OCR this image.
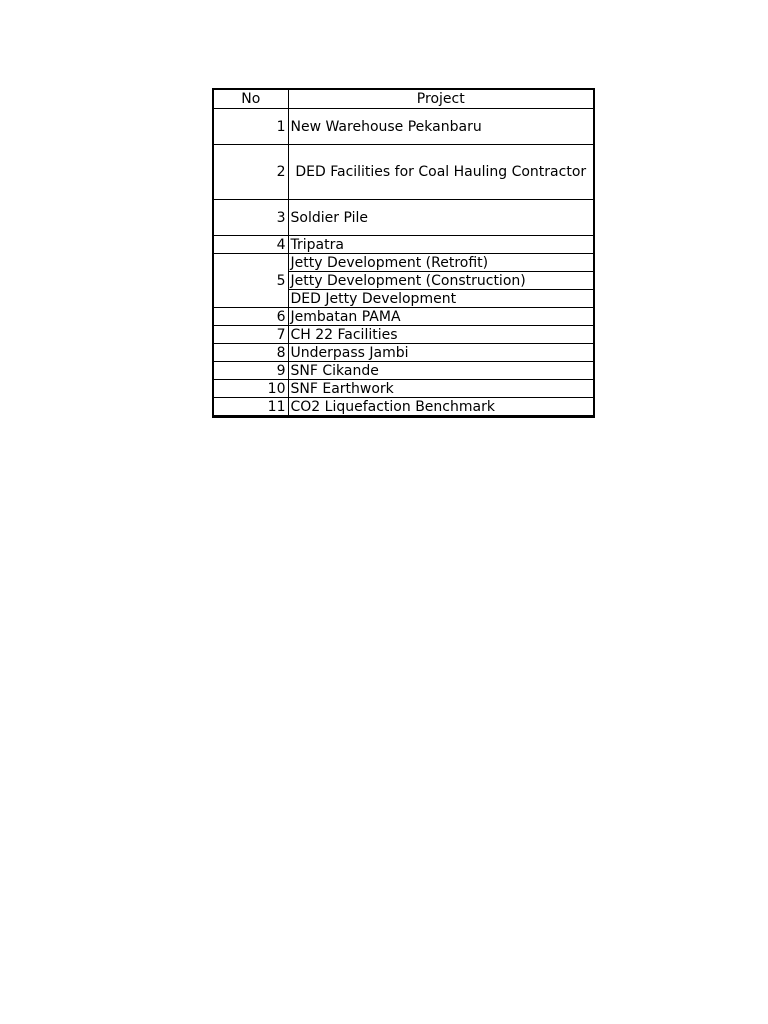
No	Project
1	New Warehouse Pekanbaru
2	DED Facilities for Coal Hauling Contractor
3	Soldier Pile
4	Tripatra
5	Jetty Development (Retrofit)
	Jetty Development (Construction)
	DED Jetty Development
6	Jembatan PAMA
7	CH 22 Facilities
8	Underpass Jambi
9	SNF Cikande
10	SNF Earthwork
11	CO2 Liquefaction Benchmark
